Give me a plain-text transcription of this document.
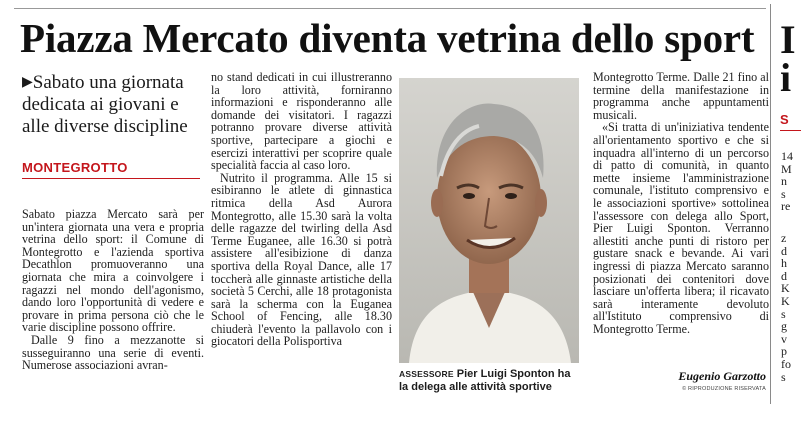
Piazza Mercato diventa vetrina dello sport
▶Sabato una giornata dedicata ai giovani e alle diverse discipline
MONTEGROTTO

Sabato piazza Mercato sarà per un'intera giornata una vera e propria vetrina dello sport: il Comune di Montegrotto e l'azienda sportiva Decathlon promuoveranno una giornata che mira a coinvolgere i ragazzi nel mondo dell'agonismo, dando loro l'opportunità di vedere e provare in prima persona ciò che le varie discipline possono offrire.

Dalle 9 fino a mezzanotte si susseguiranno una serie di eventi. Numerose associazioni avran-

no stand dedicati in cui illustreranno la loro attività, forniranno informazioni e risponderanno alle domande dei visitatori. I ragazzi potranno provare diverse attività sportive, partecipare a giochi e esercizi interattivi per scoprire quale specialità faccia al caso loro.

Nutrito il programma. Alle 15 si esibiranno le atlete di ginnastica ritmica della Asd Aurora Montegrotto, alle 15.30 sarà la volta delle ragazze del twirling della Asd Terme Euganee, alle 16.30 si potrà assistere all'esibizione di danza sportiva della Royal Dance, alle 17 toccherà alle ginnaste artistiche della società 5 Cerchi, alle 18 protagonista sarà la scherma con la Euganea School of Fencing, alle 18.30 chiuderà l'evento la pallavolo con i giocatori della Polisportiva

ASSESSORE Pier Luigi Sponton ha la delega alle attività sportive

Montegrotto Terme. Dalle 21 fino al termine della manifestazione in programma anche appuntamenti musicali.

«Si tratta di un'iniziativa tendente all'orientamento sportivo e che si inquadra all'interno di un percorso di patto di comunità, in quanto mette insieme l'amministrazione comunale, l'istituto comprensivo e le associazioni sportive» sottolinea l'assessore con delega allo Sport, Pier Luigi Sponton. Verranno allestiti anche punti di ristoro per gustare snack e bevande. Ai vari ingressi di piazza Mercato saranno posizionati dei contenitori dove lasciare un'offerta libera; il ricavato sarà interamente devoluto all'Istituto comprensivo di Montegrotto Terme.

Eugenio Garzotto
© RIPRODUZIONE RISERVATA
I
i
S
14
M
n
s
re
z
d
h
d
K
K
s
g
v
p
fo
s
